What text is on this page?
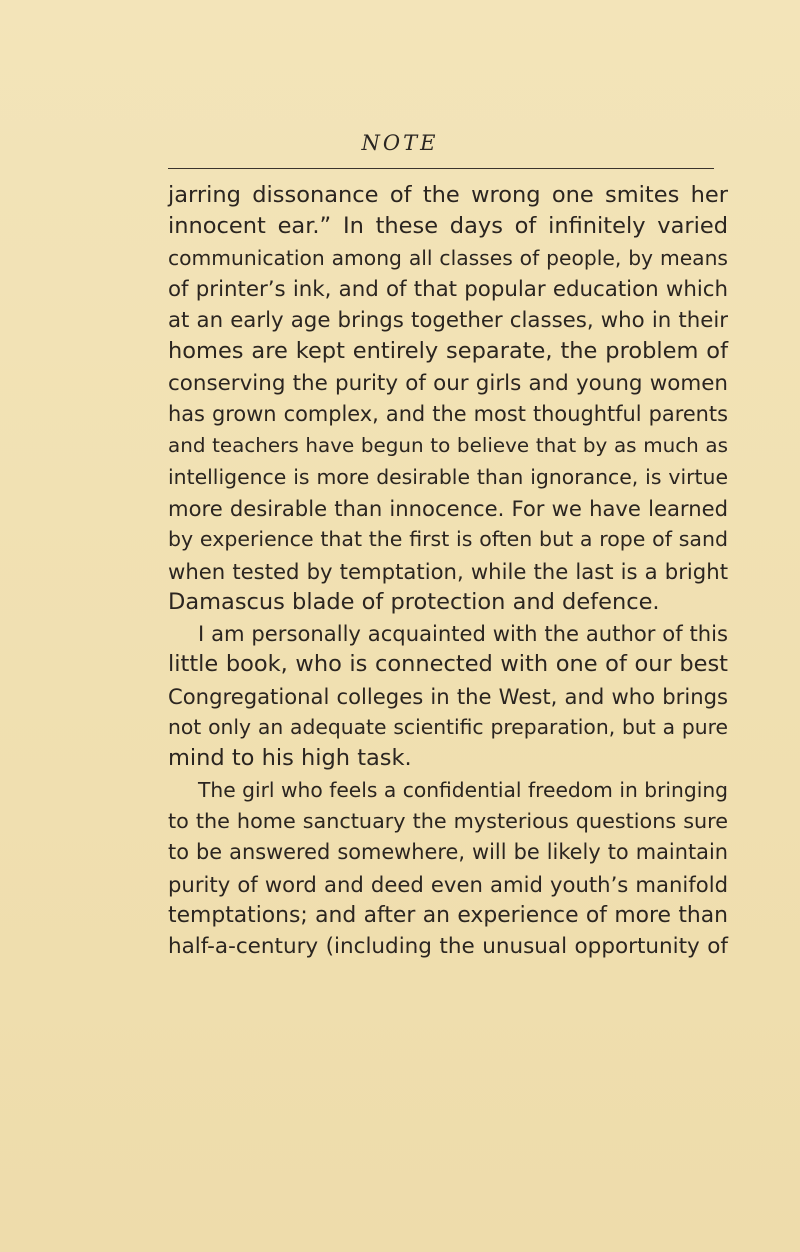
NOTE
jarring dissonance of the wrong one smites her
innocent ear.” In these days of infinitely varied
communication among all classes of people, by means
of printer’s ink, and of that popular education which
at an early age brings together classes, who in their
homes are kept entirely separate, the problem of
conserving the purity of our girls and young women
has grown complex, and the most thoughtful parents
and teachers have begun to believe that by as much as
intelligence is more desirable than ignorance, is virtue
more desirable than innocence. For we have learned
by experience that the first is often but a rope of sand
when tested by temptation, while the last is a bright
Damascus blade of protection and defence.
I am personally acquainted with the author of this
little book, who is connected with one of our best
Congregational colleges in the West, and who brings
not only an adequate scientific preparation, but a pure
mind to his high task.
The girl who feels a confidential freedom in bringing
to the home sanctuary the mysterious questions sure
to be answered somewhere, will be likely to maintain
purity of word and deed even amid youth’s manifold
temptations; and after an experience of more than
half-a-century (including the unusual opportunity of
